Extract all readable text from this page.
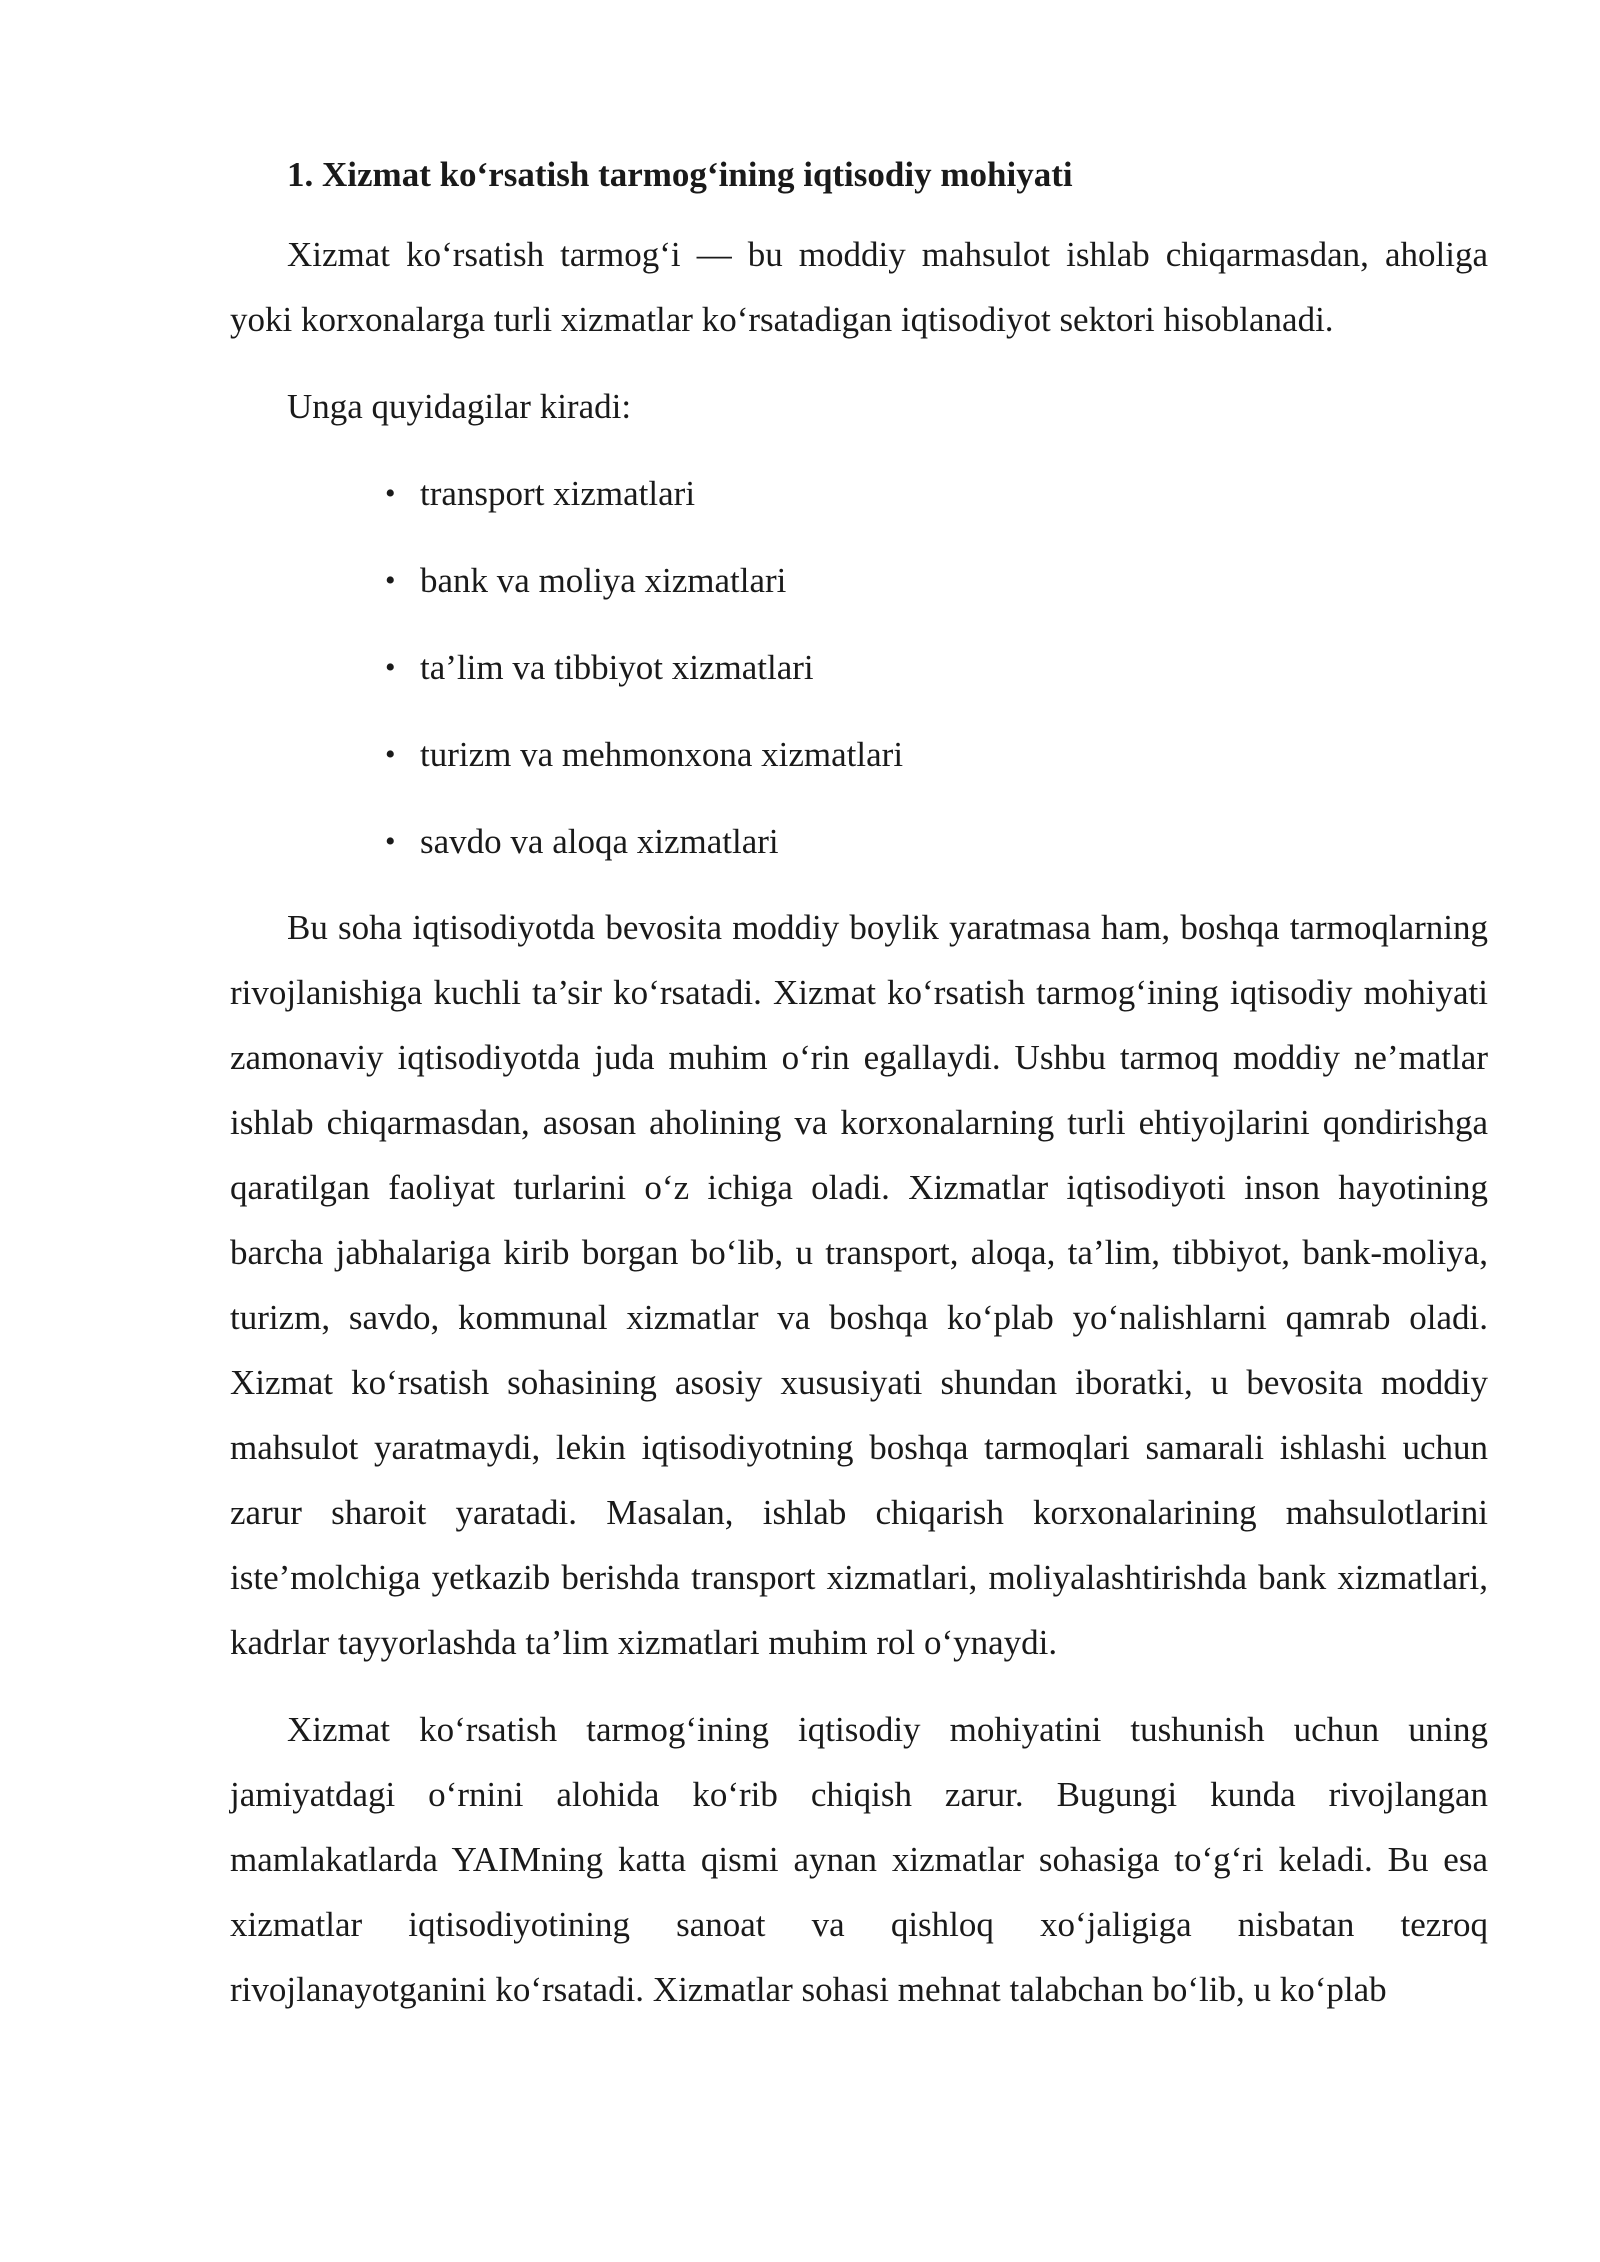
1. Xizmat ko‘rsatish tarmog‘ining iqtisodiy mohiyati

Xizmat ko‘rsatish tarmog‘i — bu moddiy mahsulot ishlab chiqarmasdan, aholiga yoki korxonalarga turli xizmatlar ko‘rsatadigan iqtisodiyot sektori hisoblanadi.

Unga quyidagilar kiradi:

• transport xizmatlari
• bank va moliya xizmatlari
• ta’lim va tibbiyot xizmatlari
• turizm va mehmonxona xizmatlari
• savdo va aloqa xizmatlari

Bu soha iqtisodiyotda bevosita moddiy boylik yaratmasa ham, boshqa tarmoqlarning rivojlanishiga kuchli ta’sir ko‘rsatadi. Xizmat ko‘rsatish tarmog‘ining iqtisodiy mohiyati zamonaviy iqtisodiyotda juda muhim o‘rin egallaydi. Ushbu tarmoq moddiy ne’matlar ishlab chiqarmasdan, asosan aholining va korxonalarning turli ehtiyojlarini qondirishga qaratilgan faoliyat turlarini o‘z ichiga oladi. Xizmatlar iqtisodiyoti inson hayotining barcha jabhalariga kirib borgan bo‘lib, u transport, aloqa, ta’lim, tibbiyot, bank-moliya, turizm, savdo, kommunal xizmatlar va boshqa ko‘plab yo‘nalishlarni qamrab oladi. Xizmat ko‘rsatish sohasining asosiy xususiyati shundan iboratki, u bevosita moddiy mahsulot yaratmaydi, lekin iqtisodiyotning boshqa tarmoqlari samarali ishlashi uchun zarur sharoit yaratadi. Masalan, ishlab chiqarish korxonalarining mahsulotlarini iste’molchiga yetkazib berishda transport xizmatlari, moliyalashtirishda bank xizmatlari, kadrlar tayyorlashda ta’lim xizmatlari muhim rol o‘ynaydi.

Xizmat ko‘rsatish tarmog‘ining iqtisodiy mohiyatini tushunish uchun uning jamiyatdagi o‘rnini alohida ko‘rib chiqish zarur. Bugungi kunda rivojlangan mamlakatlarda YAIMning katta qismi aynan xizmatlar sohasiga to‘g‘ri keladi. Bu esa xizmatlar iqtisodiyotining sanoat va qishloq xo‘jaligiga nisbatan tezroq rivojlanayotganini ko‘rsatadi. Xizmatlar sohasi mehnat talabchan bo‘lib, u ko‘plab
